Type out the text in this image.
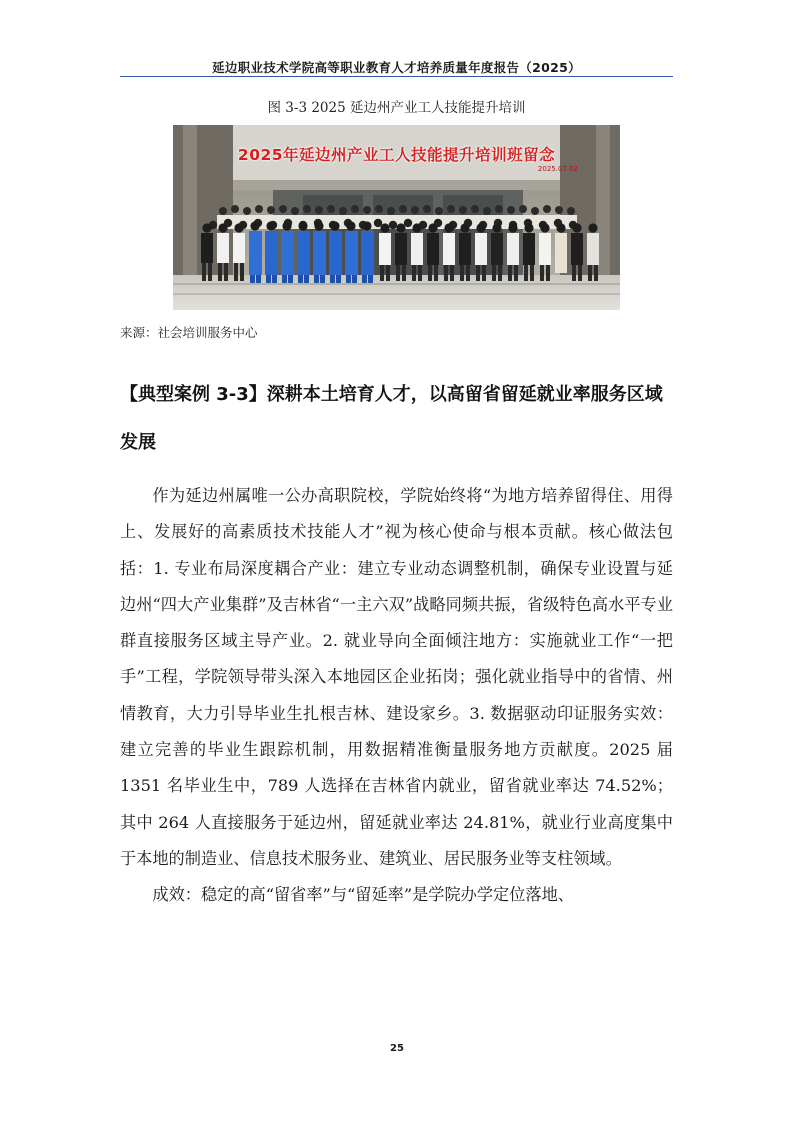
延边职业技术学院高等职业教育人才培养质量年度报告（2025）
图 3-3 2025 延边州产业工人技能提升培训
2025年延边州产业工人技能提升培训班留念
2025.07.02
来源：社会培训服务中心
【典型案例 3-3】深耕本土培育人才，以高留省留延就业率服务区域发展

作为延边州属唯一公办高职院校，学院始终将“为地方培养留得住、用得上、发展好的高素质技术技能人才”视为核心使命与根本贡献。核心做法包括：1. 专业布局深度耦合产业：建立专业动态调整机制，确保专业设置与延边州“四大产业集群”及吉林省“一主六双”战略同频共振，省级特色高水平专业群直接服务区域主导产业。2. 就业导向全面倾注地方：实施就业工作“一把手”工程，学院领导带头深入本地园区企业拓岗；强化就业指导中的省情、州情教育，大力引导毕业生扎根吉林、建设家乡。3. 数据驱动印证服务实效：建立完善的毕业生跟踪机制，用数据精准衡量服务地方贡献度。2025 届 1351 名毕业生中，789 人选择在吉林省内就业，留省就业率达 74.52%；其中 264 人直接服务于延边州，留延就业率达 24.81%，就业行业高度集中于本地的制造业、信息技术服务业、建筑业、居民服务业等支柱领域。

成效：稳定的高“留省率”与“留延率”是学院办学定位落地、

25
